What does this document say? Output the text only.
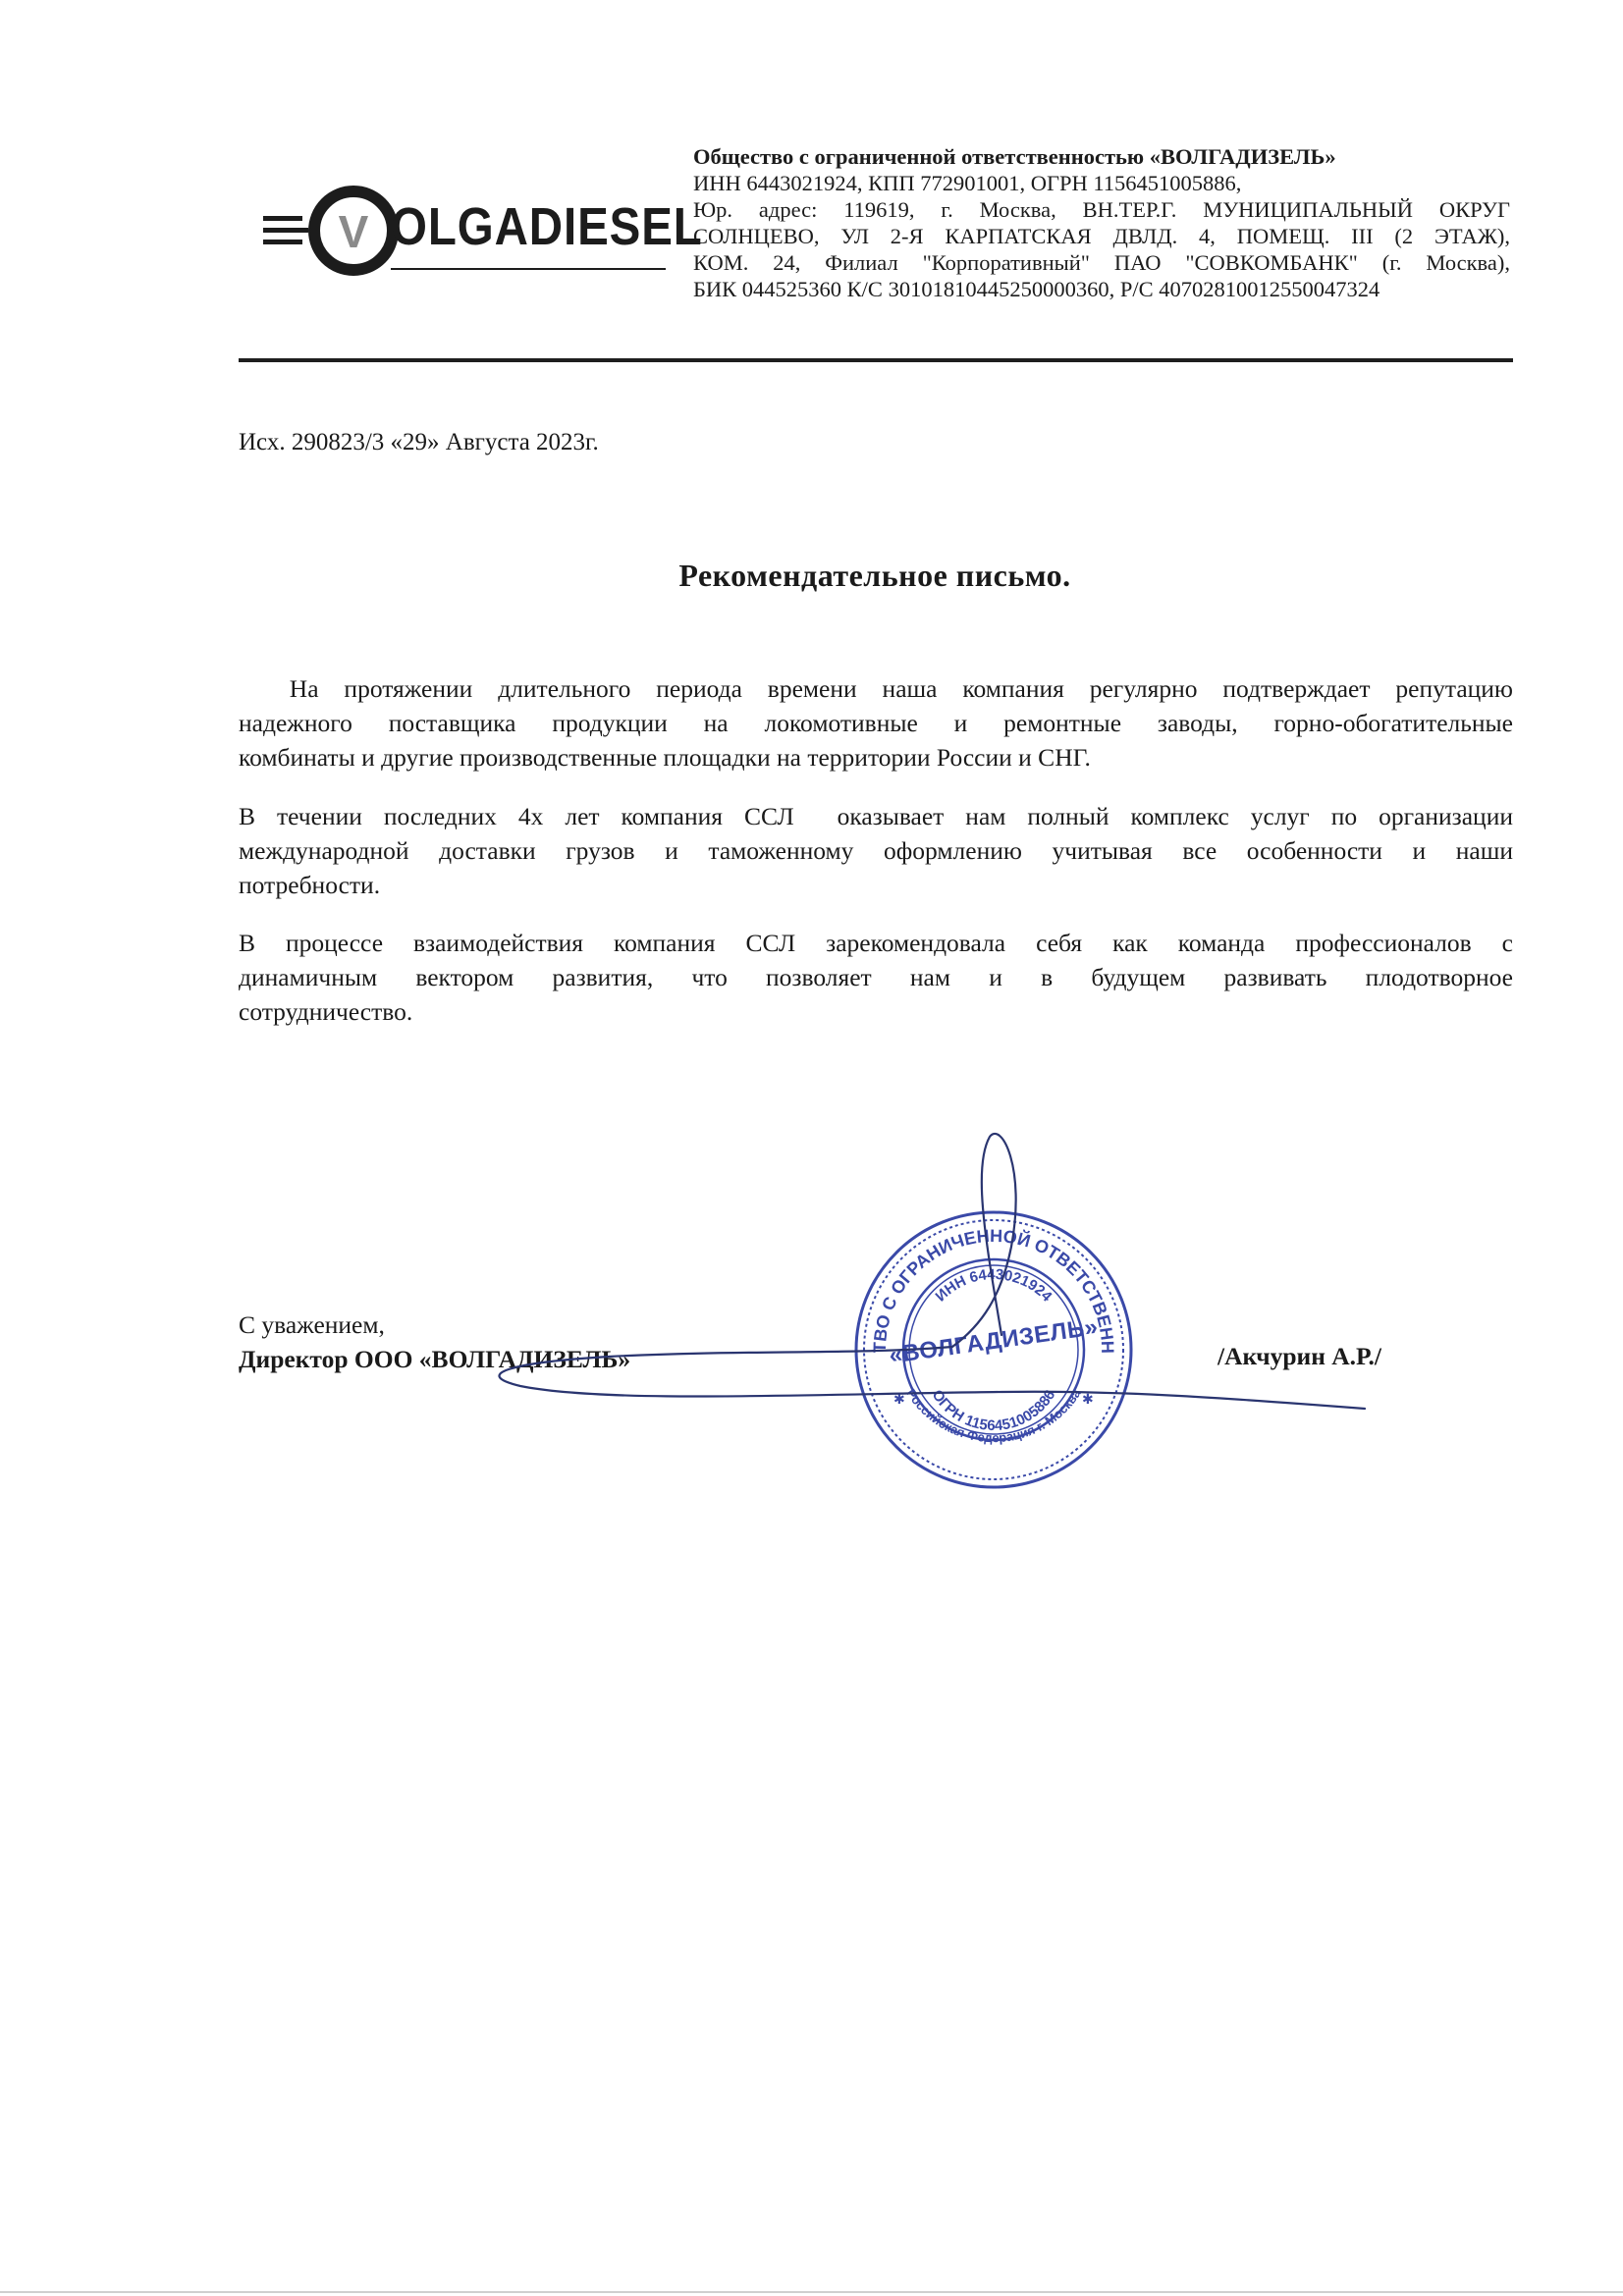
V OLGADIESEL
Общество с ограниченной ответственностью «ВОЛГАДИЗЕЛЬ»
ИНН 6443021924, КПП 772901001, ОГРН 1156451005886,
Юр. адрес: 119619, г. Москва, ВН.ТЕР.Г. МУНИЦИПАЛЬНЫЙ ОКРУГ
СОЛНЦЕВО, УЛ 2-Я КАРПАТСКАЯ ДВЛД. 4, ПОМЕЩ. III (2 ЭТАЖ),
КОМ. 24, Филиал "Корпоративный" ПАО "СОВКОМБАНК" (г. Москва),
БИК 044525360 К/С 30101810445250000360, Р/С 40702810012550047324
Исх. 290823/3 «29» Августа 2023г.
Рекомендательное письмо.
На протяжении длительного периода времени наша компания регулярно подтверждает репутацию
надежного поставщика продукции на локомотивные и ремонтные заводы, горно-обогатительные
комбинаты и другие производственные площадки на территории России и СНГ.
В течении последних 4х лет компания ССЛ  оказывает нам полный комплекс услуг по организации
международной доставки грузов и таможенному оформлению учитывая все особенности и наши
потребности.
В процессе взаимодействия компания ССЛ зарекомендовала себя как команда профессионалов с
динамичным вектором развития, что позволяет нам и в будущем развивать плодотворное
сотрудничество.
С уважением,
Директор ООО «ВОЛГАДИЗЕЛЬ»	/Акчурин А.Р./
ТВО С ОГРАНИЧЕННОЙ ОТВЕТСТВЕНН
ИНН 6443021924
ОГРН 1156451005886
Российская Федерация г. Москва
✱	✱
«ВОЛГАДИЗЕЛЬ»
